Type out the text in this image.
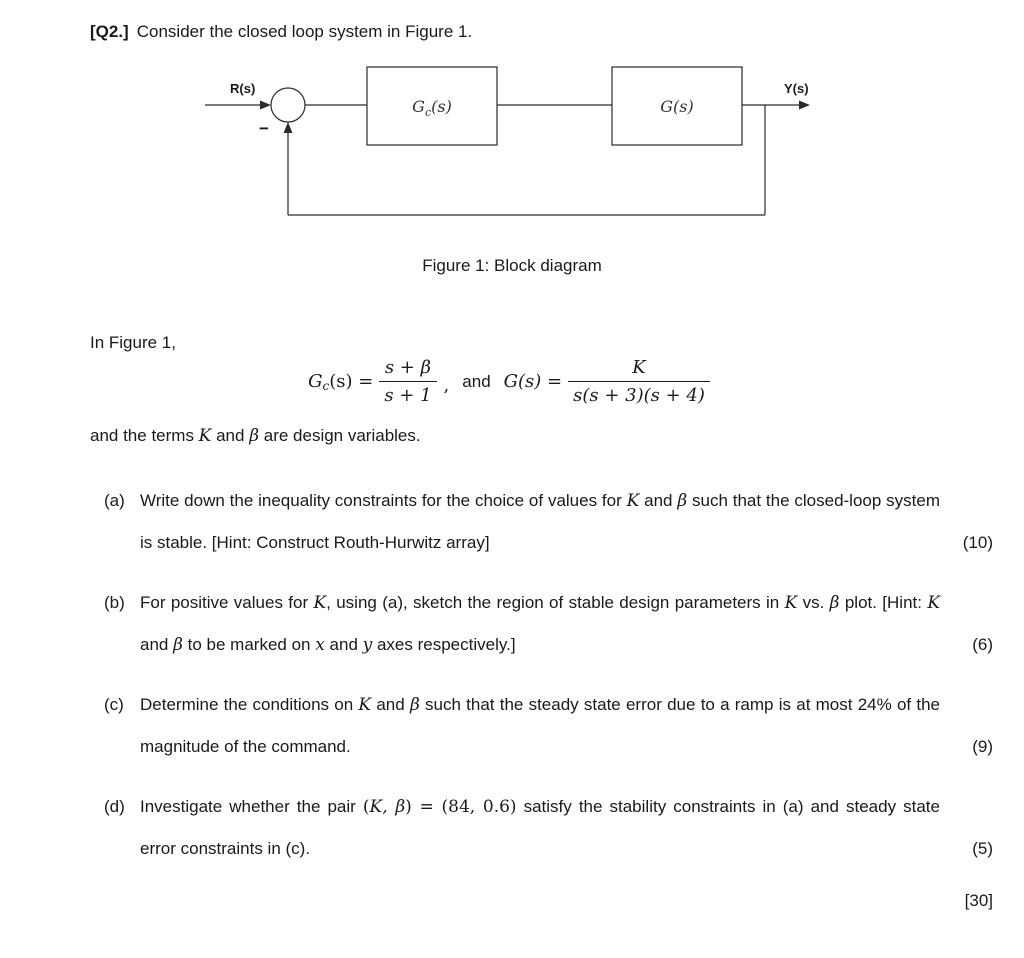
[Q2.] Consider the closed loop system in Figure 1.
R(s)
−
$G_c(s)$	G(s)
Y(s)
Figure 1: Block diagram
In Figure 1,
$Gc(s) = \frac{s + \beta}{s + 1}$ , and $G(s) = \frac{K}{s(s + 3)(s + 4)}$
and the terms K and β are design variables.
(a) Write down the inequality constraints for the choice of values for K and β such that the closed-loop system is stable. [Hint: Construct Routh-Hurwitz array]	(10)
(b) For positive values for K, using (a), sketch the region of stable design parameters in K vs. β plot. [Hint: K and β to be marked on x and y axes respectively.]	(6)
(c) Determine the conditions on K and β such that the steady state error due to a ramp is at most 24% of the magnitude of the command.	(9)
(d) Investigate whether the pair (K, β) = (84, 0.6) satisfy the stability constraints in (a) and steady state error constraints in (c).	(5)
[30]
